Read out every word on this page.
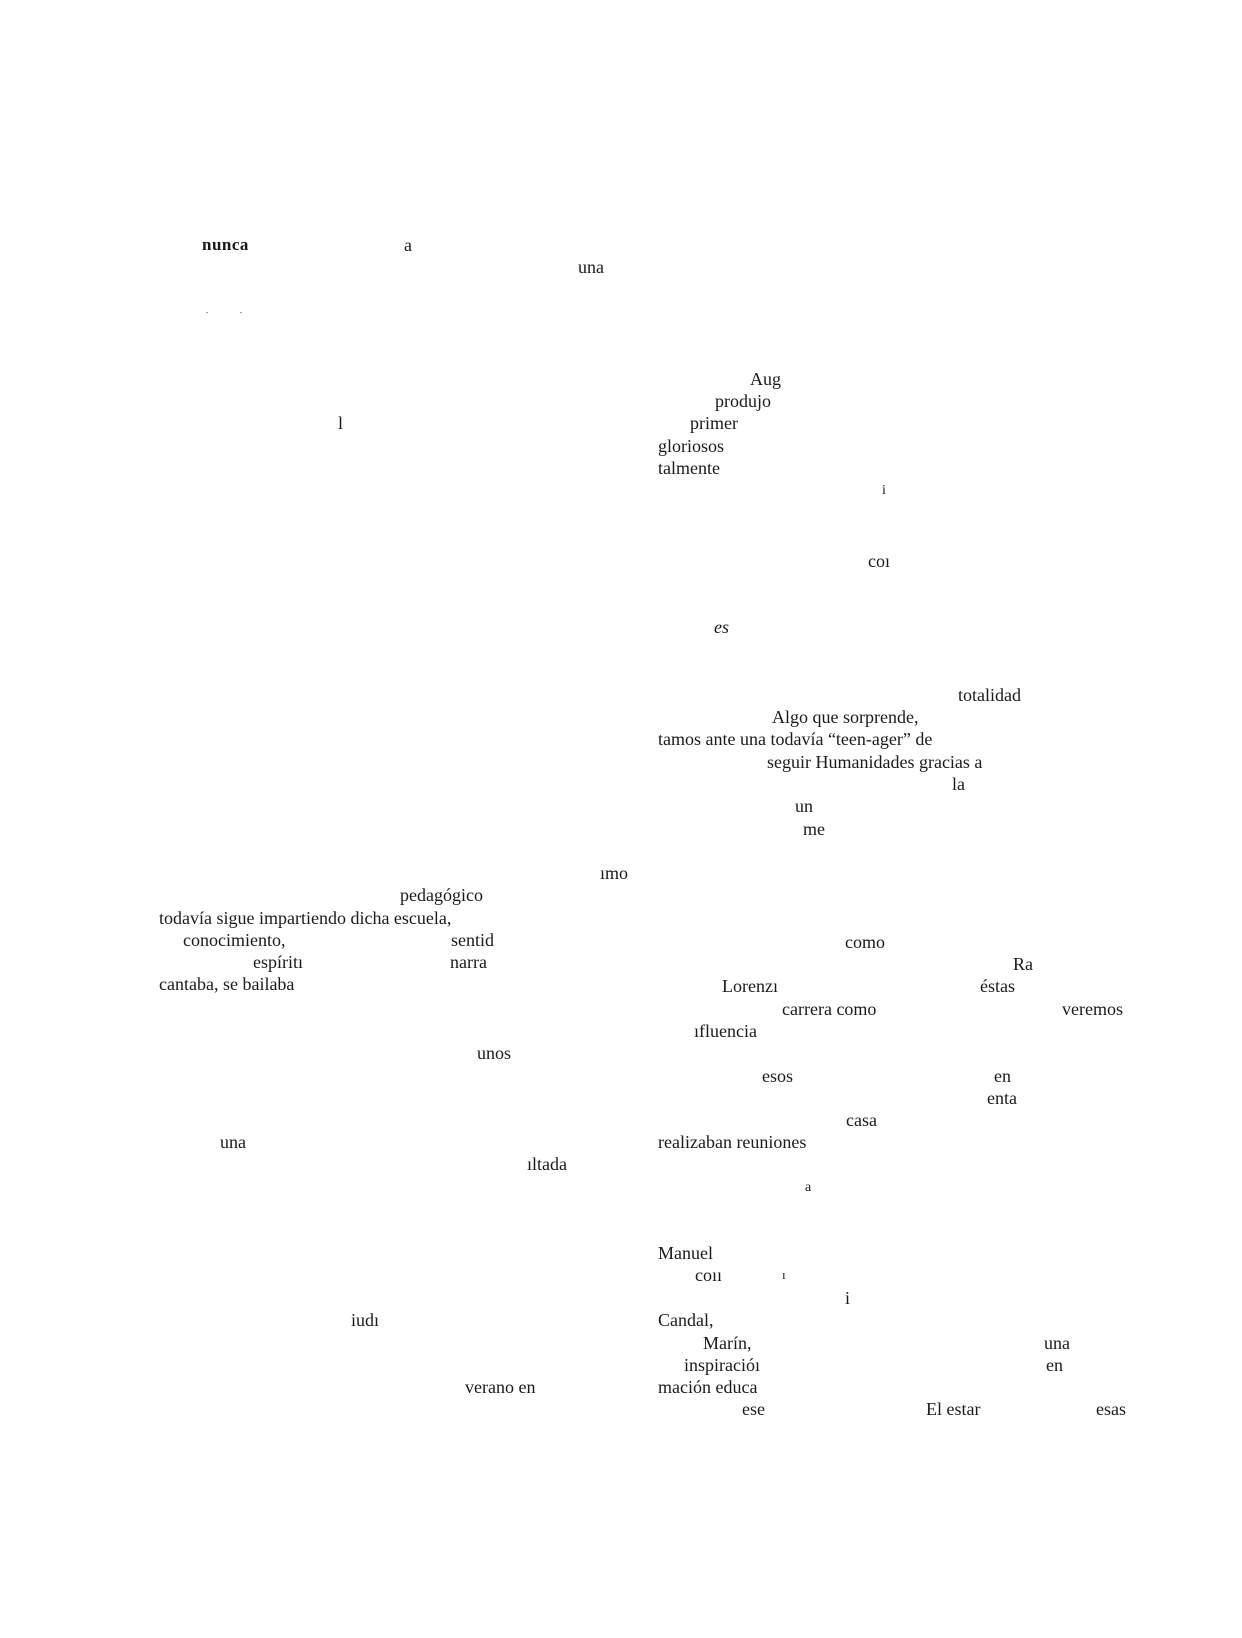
nunca	a
una
Aug
produjo
l	primer
gloriosos
talmente
i
coı
es
totalidad
Algo que sorprende,
tamos ante una todavía “teen-ager” de
seguir Humanidades gracias a
la
un
me
ımo
pedagógico
todavía sigue impartiendo dicha escuela,
conocimiento,	sentid	como
espíritı	narra	Ra
cantaba, se bailaba	Lorenzı	éstas
carrera como	veremos
ıfluencia
unos
esos	en
enta
casa
una	realizaban reuniones
ıltada
a
Manuel
coıı	ı
i
iudı	Candal,
Marín,	una
inspiracióı	en
verano en	mación educa
ese	El estar	esas
